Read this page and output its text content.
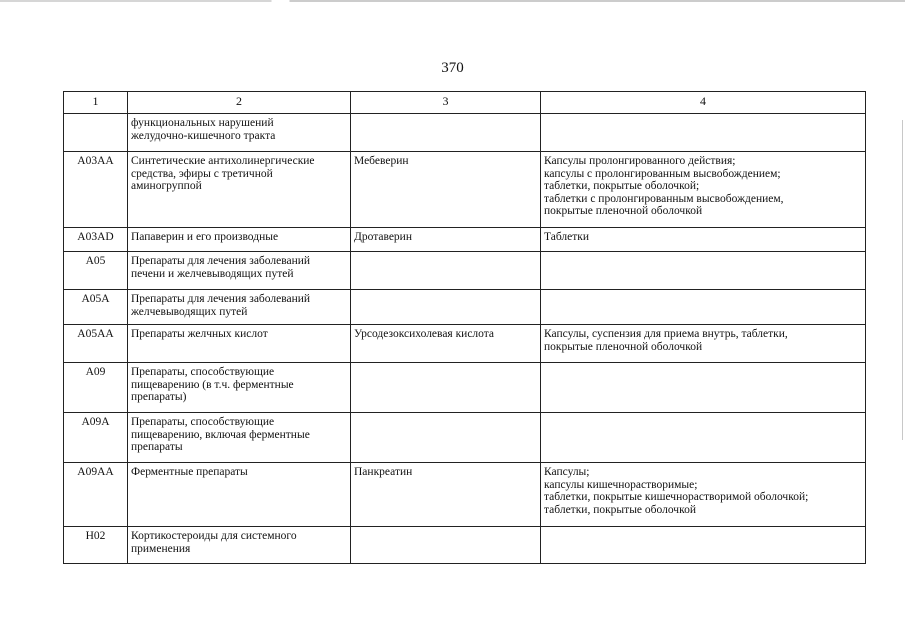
370
1	2	3	4
	функциональных нарушений
желудочно-кишечного тракта		
A03AA	Синтетические антихолинергические
средства, эфиры с третичной
аминогруппой	Мебеверин	Капсулы пролонгированного действия;
капсулы с пролонгированным высвобождением;
таблетки, покрытые оболочкой;
таблетки с пролонгированным высвобождением,
покрытые пленочной оболочкой
A03AD	Папаверин и его производные	Дротаверин	Таблетки
A05	Препараты для лечения заболеваний
печени и желчевыводящих путей		
A05A	Препараты для лечения заболеваний
желчевыводящих путей		
A05AA	Препараты желчных кислот	Урсодезоксихолевая кислота	Капсулы, суспензия для приема внутрь, таблетки,
покрытые пленочной оболочкой
A09	Препараты, способствующие
пищеварению (в т.ч. ферментные
препараты)		
A09A	Препараты, способствующие
пищеварению, включая ферментные
препараты		
A09AA	Ферментные препараты	Панкреатин	Капсулы;
капсулы кишечнорастворимые;
таблетки, покрытые кишечнорастворимой оболочкой;
таблетки, покрытые оболочкой
H02	Кортикостероиды для системного
применения		
